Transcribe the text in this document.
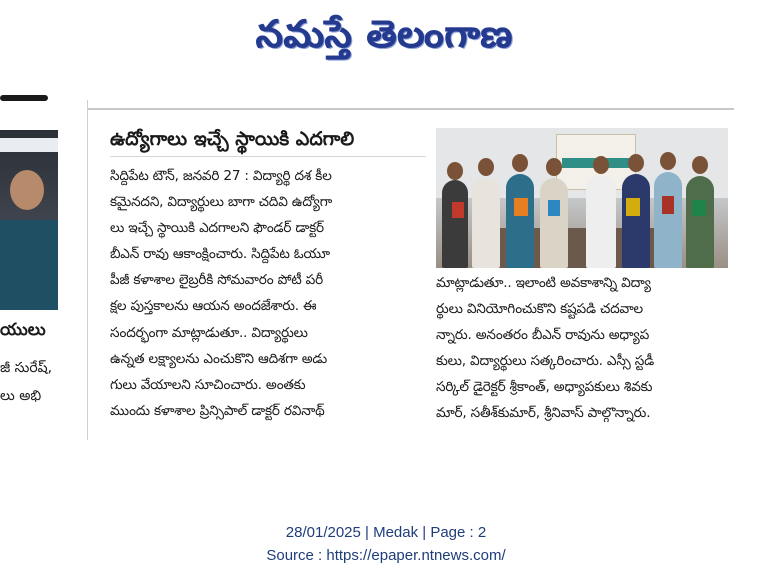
నమస్తే తెలంగాణ
యులు
జీ సురేష్,
లు అభి
ఉద్యోగాలు ఇచ్చే స్థాయికి ఎదగాలి
సిద్దిపేట టౌన్, జనవరి 27 : విద్యార్థి దశ కీల
కమైనదని, విద్యార్థులు బాగా చదివి ఉద్యోగా
లు ఇచ్చే స్థాయికి ఎదగాలని ఫౌండర్ డాక్టర్
బీఎన్ రావు ఆకాంక్షించారు. సిద్దిపేట ఓయూ
పీజీ కళాశాల లైబ్రరీకి సోమవారం పోటీ పరీ
క్షల పుస్తకాలను ఆయన అందజేశారు. ఈ
సందర్భంగా మాట్లాడుతూ.. విద్యార్థులు
ఉన్నత లక్ష్యాలను ఎంచుకొని ఆదిశగా అడు
గులు వేయాలని సూచించారు. అంతకు
ముందు కళాశాల ప్రిన్సిపాల్ డాక్టర్ రవినాథ్
మాట్లాడుతూ.. ఇలాంటి అవకాశాన్ని విద్యా
ర్థులు వినియోగించుకొని కష్టపడి చదవాల
న్నారు. అనంతరం బీఎన్ రావును అధ్యాప
కులు, విద్యార్థులు సత్కరించారు. ఎస్సీ స్టడీ
సర్కిల్ డైరెక్టర్ శ్రీకాంత్, అధ్యాపకులు శివకు
మార్, సతీశ్‌కుమార్, శ్రీనివాస్ పాల్గొన్నారు.
28/01/2025 | Medak | Page : 2
Source : https://epaper.ntnews.com/
